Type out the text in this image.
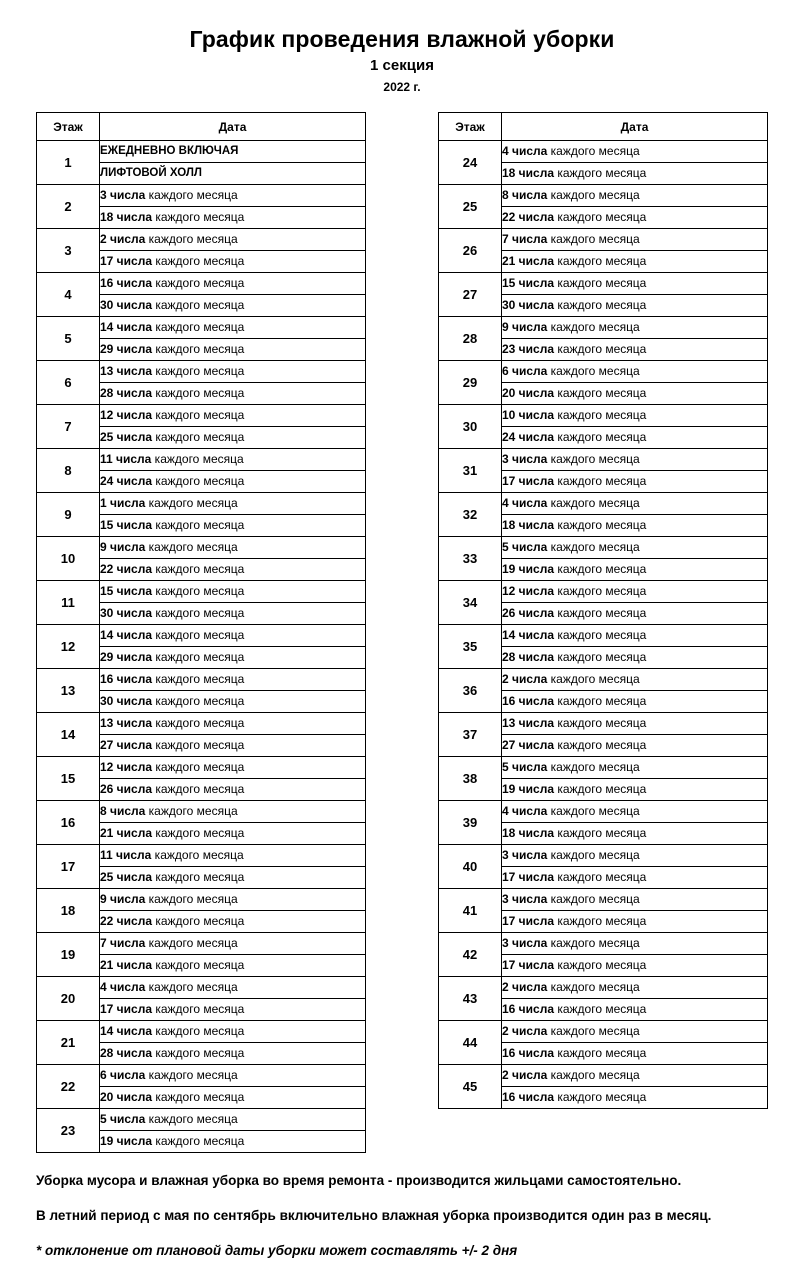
График проведения влажной уборки
1 секция
2022 г.
Этаж	Дата
1	ЕЖЕДНЕВНО ВКЛЮЧАЯ
	ЛИФТОВОЙ ХОЛЛ
2	3 числа каждого месяца
	18 числа каждого месяца
3	2 числа каждого месяца
	17 числа каждого месяца
4	16 числа каждого месяца
	30 числа каждого месяца
5	14 числа каждого месяца
	29 числа каждого месяца
6	13 числа каждого месяца
	28 числа каждого месяца
7	12 числа каждого месяца
	25 числа каждого месяца
8	11 числа каждого месяца
	24 числа каждого месяца
9	1 числа каждого месяца
	15 числа каждого месяца
10	9 числа каждого месяца
	22 числа каждого месяца
11	15 числа каждого месяца
	30 числа каждого месяца
12	14 числа каждого месяца
	29 числа каждого месяца
13	16 числа каждого месяца
	30 числа каждого месяца
14	13 числа каждого месяца
	27 числа каждого месяца
15	12 числа каждого месяца
	26 числа каждого месяца
16	8 числа каждого месяца
	21 числа каждого месяца
17	11 числа каждого месяца
	25 числа каждого месяца
18	9 числа каждого месяца
	22 числа каждого месяца
19	7 числа каждого месяца
	21 числа каждого месяца
20	4 числа каждого месяца
	17 числа каждого месяца
21	14 числа каждого месяца
	28 числа каждого месяца
22	6 числа каждого месяца
	20 числа каждого месяца
23	5 числа каждого месяца
	19 числа каждого месяца
Этаж	Дата
24	4 числа каждого месяца
	18 числа каждого месяца
25	8 числа каждого месяца
	22 числа каждого месяца
26	7 числа каждого месяца
	21 числа каждого месяца
27	15 числа каждого месяца
	30 числа каждого месяца
28	9 числа каждого месяца
	23 числа каждого месяца
29	6 числа каждого месяца
	20 числа каждого месяца
30	10 числа каждого месяца
	24 числа каждого месяца
31	3 числа каждого месяца
	17 числа каждого месяца
32	4 числа каждого месяца
	18 числа каждого месяца
33	5 числа каждого месяца
	19 числа каждого месяца
34	12 числа каждого месяца
	26 числа каждого месяца
35	14 числа каждого месяца
	28 числа каждого месяца
36	2 числа каждого месяца
	16 числа каждого месяца
37	13 числа каждого месяца
	27 числа каждого месяца
38	5 числа каждого месяца
	19 числа каждого месяца
39	4 числа каждого месяца
	18 числа каждого месяца
40	3 числа каждого месяца
	17 числа каждого месяца
41	3 числа каждого месяца
	17 числа каждого месяца
42	3 числа каждого месяца
	17 числа каждого месяца
43	2 числа каждого месяца
	16 числа каждого месяца
44	2 числа каждого месяца
	16 числа каждого месяца
45	2 числа каждого месяца
	16 числа каждого месяца

Уборка мусора и влажная уборка во время ремонта - производится жильцами самостоятельно.

В летний период с мая по сентябрь включительно влажная уборка производится один раз в месяц.

* отклонение от плановой даты уборки может составлять +/- 2 дня
